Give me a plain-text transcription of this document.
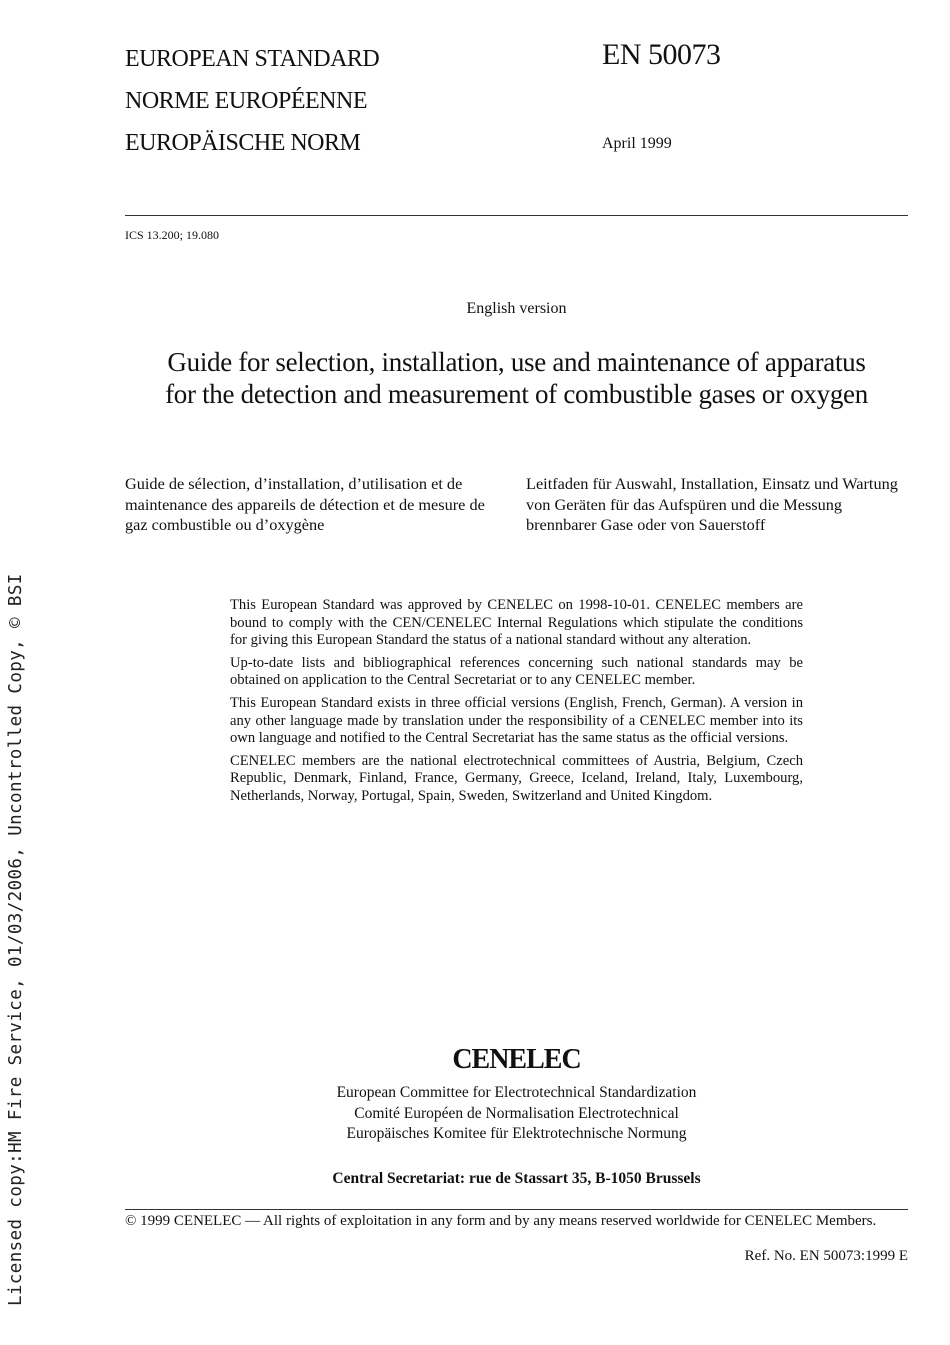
EUROPEAN STANDARD
NORME EUROPÉENNE
EUROPÄISCHE NORM
EN 50073
April 1999
ICS 13.200; 19.080
English version
Guide for selection, installation, use and maintenance of apparatus
for the detection and measurement of combustible gases or oxygen
Guide de sélection, d’installation, d’utilisation et de maintenance des appareils de détection et de mesure de gaz combustible ou d’oxygène
Leitfaden für Auswahl, Installation, Einsatz und Wartung von Geräten für das Aufspüren und die Messung brennbarer Gase oder von Sauerstoff

This European Standard was approved by CENELEC on 1998-10-01. CENELEC members are bound to comply with the CEN/CENELEC Internal Regulations which stipulate the conditions for giving this European Standard the status of a national standard without any alteration.

Up-to-date lists and bibliographical references concerning such national standards may be obtained on application to the Central Secretariat or to any CENELEC member.

This European Standard exists in three official versions (English, French, German). A version in any other language made by translation under the responsibility of a CENELEC member into its own language and notified to the Central Secretariat has the same status as the official versions.

CENELEC members are the national electrotechnical committees of Austria, Belgium, Czech Republic, Denmark, Finland, France, Germany, Greece, Iceland, Ireland, Italy, Luxembourg, Netherlands, Norway, Portugal, Spain, Sweden, Switzerland and United Kingdom.

CENELEC
European Committee for Electrotechnical Standardization
Comité Européen de Normalisation Electrotechnical
Europäisches Komitee für Elektrotechnische Normung
Central Secretariat: rue de Stassart 35, B-1050 Brussels
© 1999 CENELEC — All rights of exploitation in any form and by any means reserved worldwide for CENELEC Members.
Ref. No. EN 50073:1999 E
Licensed copy:HM Fire Service, 01/03/2006, Uncontrolled Copy, © BSI
